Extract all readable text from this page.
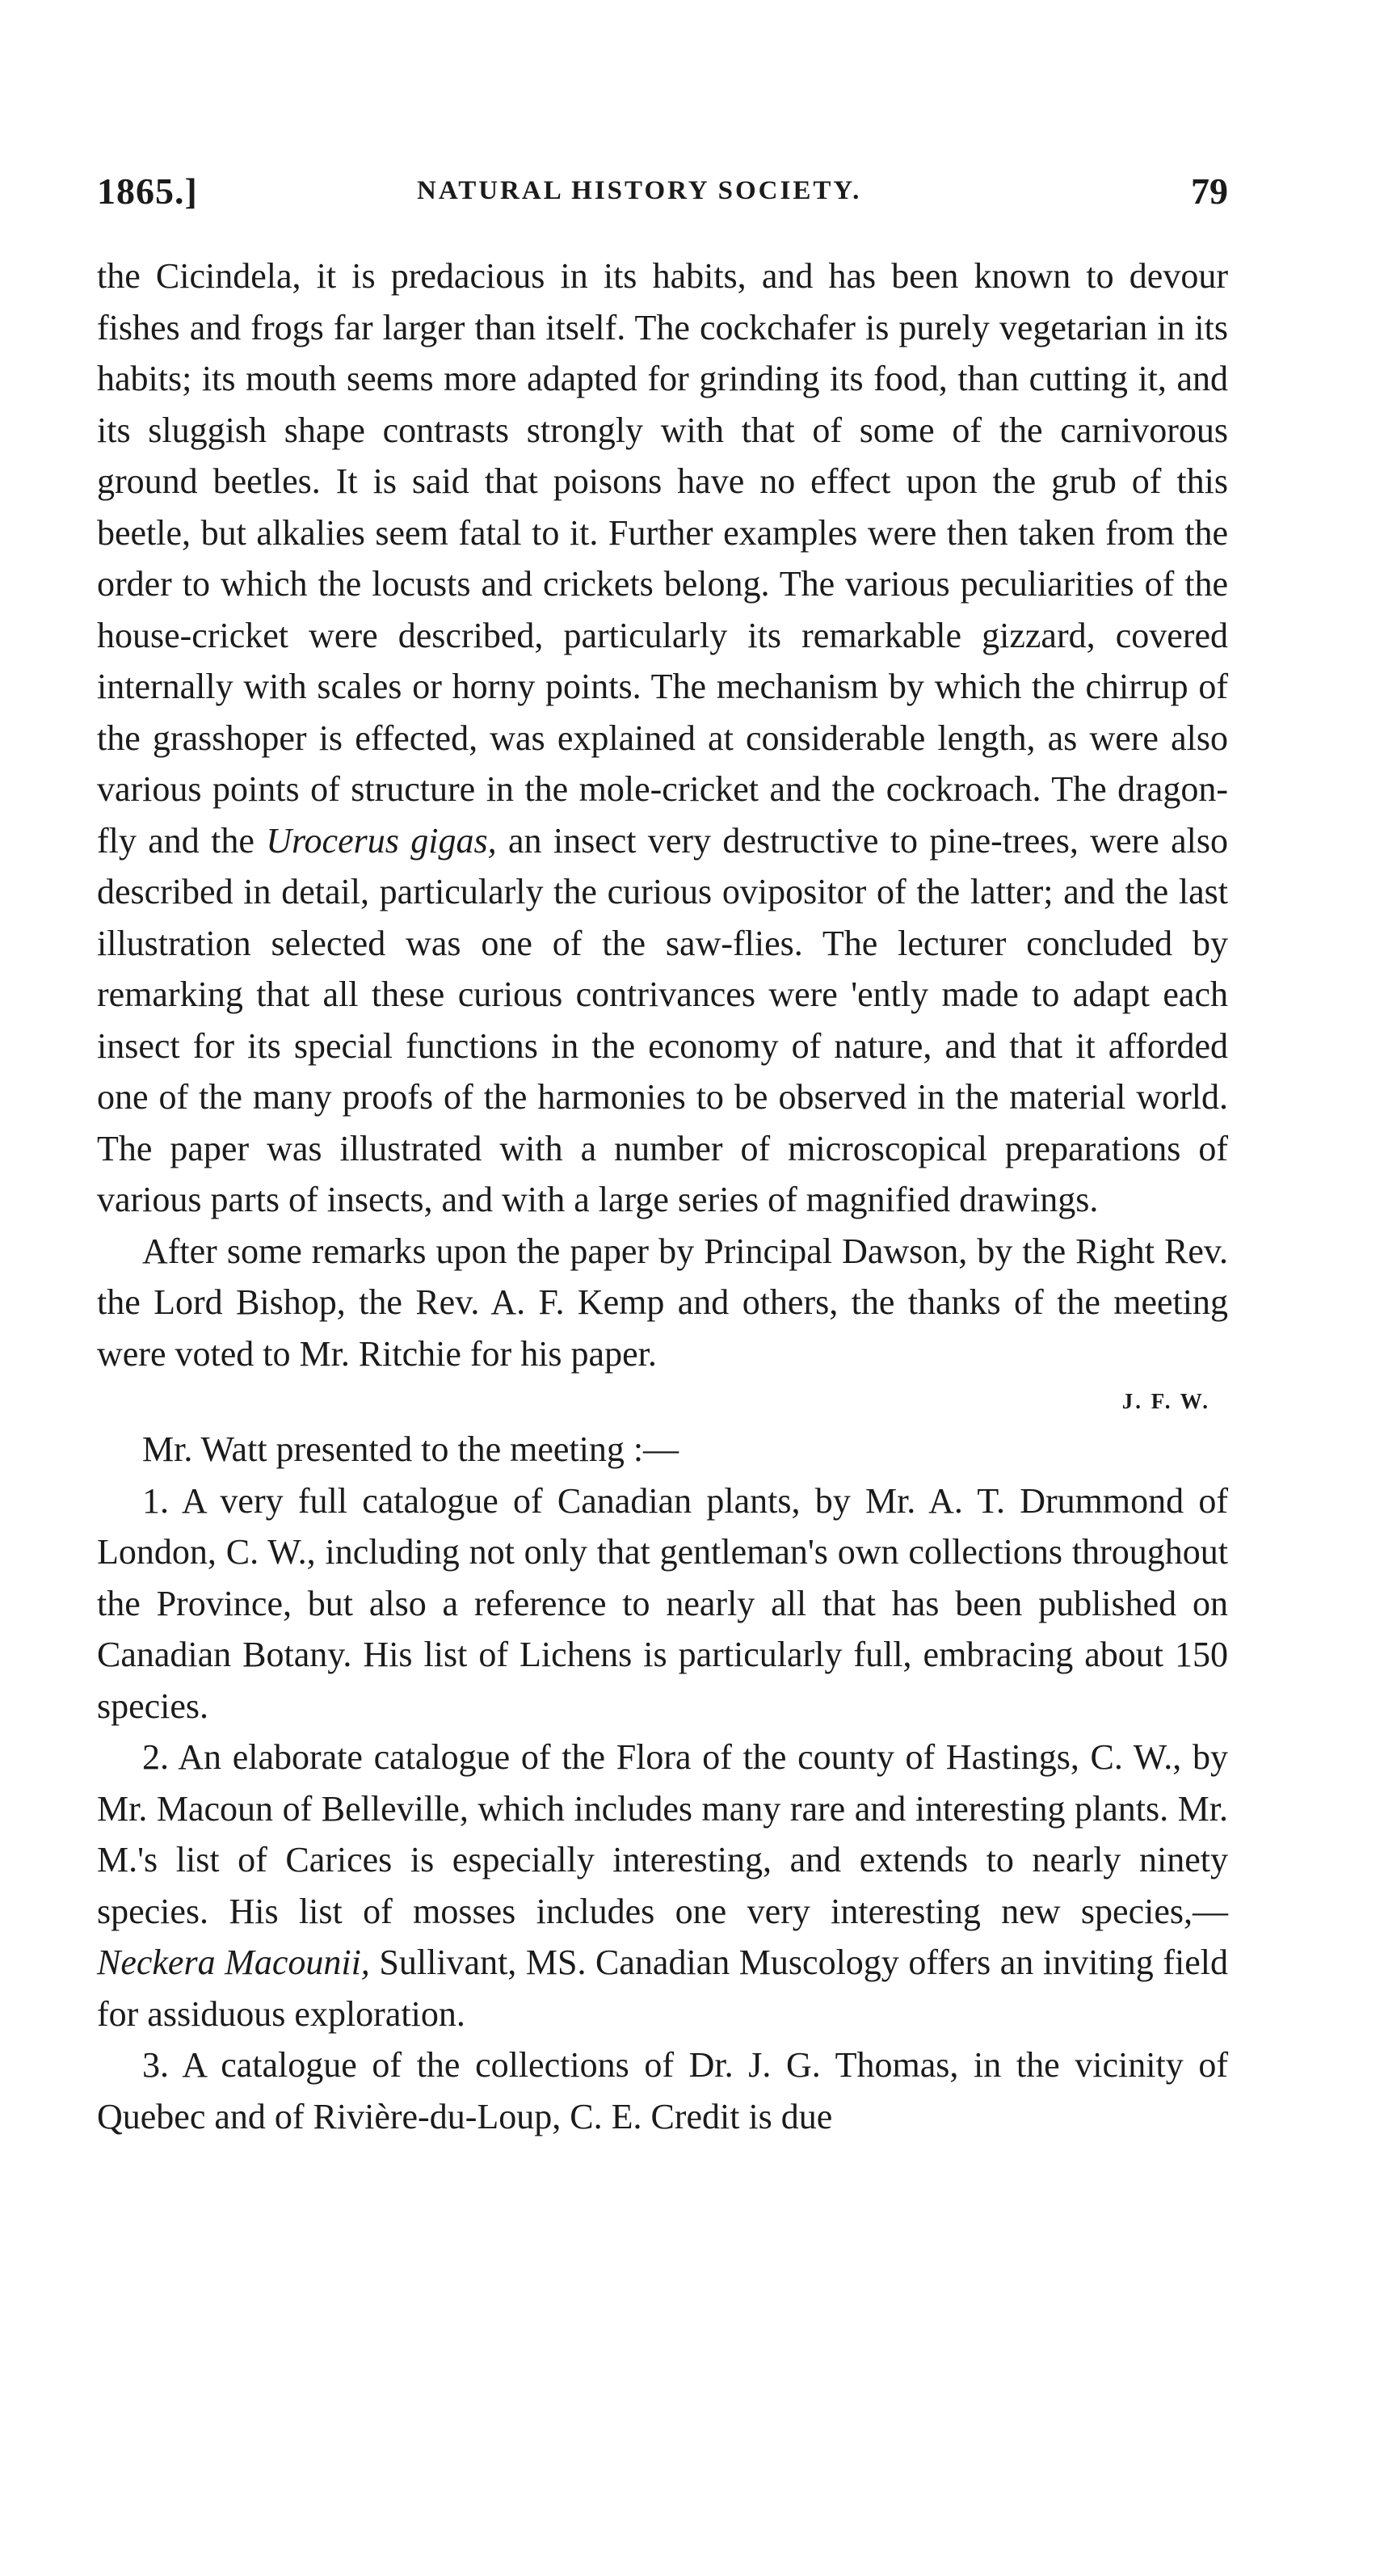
1865.]	NATURAL HISTORY SOCIETY.	79

the Cicindela, it is predacious in its habits, and has been known to devour fishes and frogs far larger than itself. The cockchafer is purely vegetarian in its habits; its mouth seems more adapted for grinding its food, than cutting it, and its sluggish shape contrasts strongly with that of some of the carnivorous ground beetles. It is said that poisons have no effect upon the grub of this beetle, but alkalies seem fatal to it. Further examples were then taken from the order to which the locusts and crickets belong. The various peculiarities of the house-cricket were described, particularly its remarkable gizzard, covered internally with scales or horny points. The mechanism by which the chirrup of the grasshoper is effected, was explained at considerable length, as were also various points of structure in the mole-cricket and the cockroach. The dragon-fly and the Urocerus gigas, an insect very destructive to pine-trees, were also described in detail, particularly the curious ovipositor of the latter; and the last illustration selected was one of the saw-flies. The lecturer concluded by remarking that all these curious contrivances were 'ently made to adapt each insect for its special functions in the economy of nature, and that it afforded one of the many proofs of the harmonies to be observed in the material world. The paper was illustrated with a number of microscopical preparations of various parts of insects, and with a large series of magnified drawings.

After some remarks upon the paper by Principal Dawson, by the Right Rev. the Lord Bishop, the Rev. A. F. Kemp and others, the thanks of the meeting were voted to Mr. Ritchie for his paper.

J. F. W.

Mr. Watt presented to the meeting :—

1. A very full catalogue of Canadian plants, by Mr. A. T. Drummond of London, C. W., including not only that gentleman's own collections throughout the Province, but also a reference to nearly all that has been published on Canadian Botany. His list of Lichens is particularly full, embracing about 150 species.

2. An elaborate catalogue of the Flora of the county of Hastings, C. W., by Mr. Macoun of Belleville, which includes many rare and interesting plants. Mr. M.'s list of Carices is especially interesting, and extends to nearly ninety species. His list of mosses includes one very interesting new species,—Neckera Macounii, Sullivant, MS. Canadian Muscology offers an inviting field for assiduous exploration.

3. A catalogue of the collections of Dr. J. G. Thomas, in the vicinity of Quebec and of Rivière-du-Loup, C. E. Credit is due
